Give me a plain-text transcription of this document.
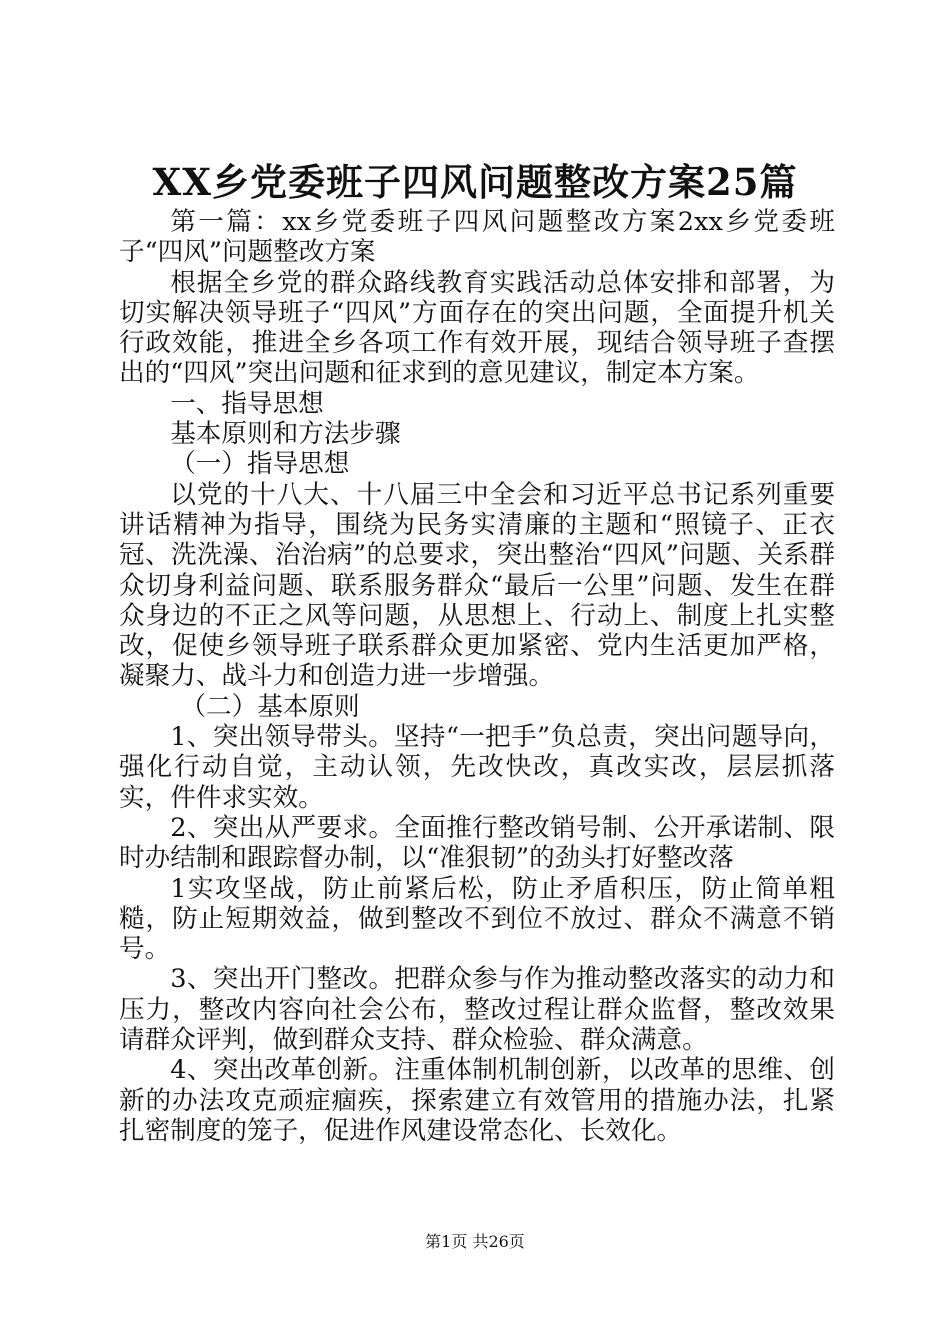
XX乡党委班子四风问题整改方案25篇

第一篇：xx乡党委班子四风问题整改方案2xx乡党委班子“四风”问题整改方案

根据全乡党的群众路线教育实践活动总体安排和部署，为切实解决领导班子“四风”方面存在的突出问题，全面提升机关行政效能，推进全乡各项工作有效开展，现结合领导班子查摆出的“四风”突出问题和征求到的意见建议，制定本方案。

一、指导思想

基本原则和方法步骤

（一）指导思想

以党的十八大、十八届三中全会和习近平总书记系列重要讲话精神为指导，围绕为民务实清廉的主题和“照镜子、正衣冠、洗洗澡、治治病”的总要求，突出整治“四风”问题、关系群众切身利益问题、联系服务群众“最后一公里”问题、发生在群众身边的不正之风等问题，从思想上、行动上、制度上扎实整改，促使乡领导班子联系群众更加紧密、党内生活更加严格，凝聚力、战斗力和创造力进一步增强。

（二）基本原则

1、突出领导带头。坚持“一把手”负总责，突出问题导向，强化行动自觉，主动认领，先改快改，真改实改，层层抓落实，件件求实效。

2、突出从严要求。全面推行整改销号制、公开承诺制、限时办结制和跟踪督办制，以“准狠韧”的劲头打好整改落

1实攻坚战，防止前紧后松，防止矛盾积压，防止简单粗糙，防止短期效益，做到整改不到位不放过、群众不满意不销号。

3、突出开门整改。把群众参与作为推动整改落实的动力和压力，整改内容向社会公布，整改过程让群众监督，整改效果请群众评判，做到群众支持、群众检验、群众满意。

4、突出改革创新。注重体制机制创新，以改革的思维、创新的办法攻克顽症痼疾，探索建立有效管用的措施办法，扎紧扎密制度的笼子，促进作风建设常态化、长效化。

第1页 共26页
